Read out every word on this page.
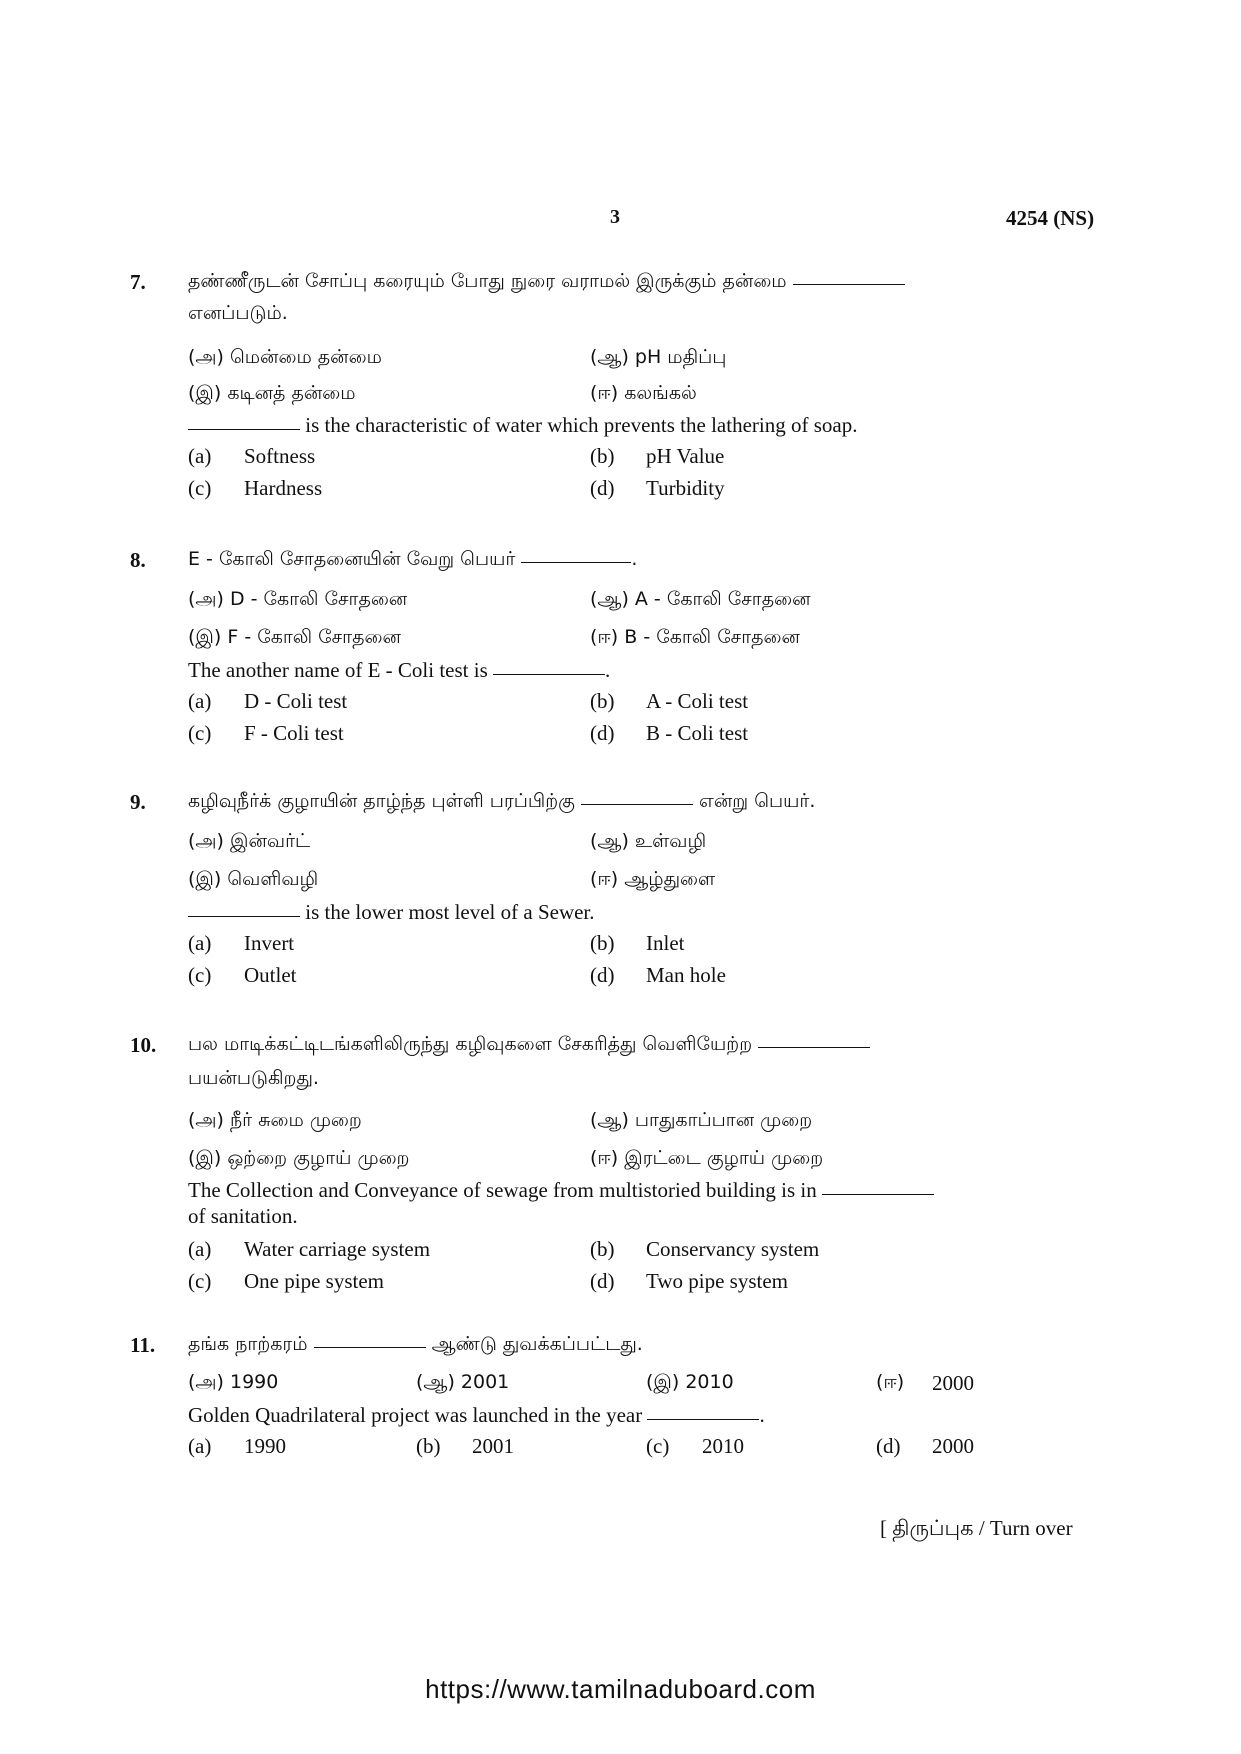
3	4254 (NS)
7. தண்ணீருடன் சோப்பு கரையும் போது நுரை வராமல் இருக்கும் தன்மை
எனப்படும்.
(அ) மென்மை தன்மை	(ஆ) pH மதிப்பு
(இ) கடினத் தன்மை	(ஈ) கலங்கல்
is the characteristic of water which prevents the lathering of soap.
(a) Softness	(b) pH Value
(c) Hardness	(d) Turbidity
8. E - கோலி சோதனையின் வேறு பெயர்	.
(அ) D - கோலி சோதனை	(ஆ) A - கோலி சோதனை
(இ) F - கோலி சோதனை	(ஈ) B - கோலி சோதனை
The another name of E - Coli test is	.
(a) D - Coli test	(b) A - Coli test
(c) F - Coli test	(d) B - Coli test
9. கழிவுநீர்க் குழாயின் தாழ்ந்த புள்ளி பரப்பிற்கு	என்று பெயர்.
(அ) இன்வர்ட்	(ஆ) உள்வழி
(இ) வெளிவழி	(ஈ) ஆழ்துளை
is the lower most level of a Sewer.
(a) Invert	(b) Inlet
(c) Outlet	(d) Man hole
10. பல மாடிக்கட்டிடங்களிலிருந்து கழிவுகளை சேகரித்து வெளியேற்ற
பயன்படுகிறது.
(அ) நீர் சுமை முறை	(ஆ) பாதுகாப்பான முறை
(இ) ஒற்றை குழாய் முறை	(ஈ) இரட்டை குழாய் முறை
The Collection and Conveyance of sewage from multistoried building is in
of sanitation.
(a) Water carriage system	(b) Conservancy system
(c) One pipe system	(d) Two pipe system
11. தங்க நாற்கரம்	ஆண்டு துவக்கப்பட்டது.
(அ) 1990	(ஆ) 2001	(இ) 2010	(ஈ) 2000
Golden Quadrilateral project was launched in the year	.
(a) 1990	(b) 2001	(c) 2010	(d) 2000
[ திருப்புக / Turn over
https://www.tamilnaduboard.com
